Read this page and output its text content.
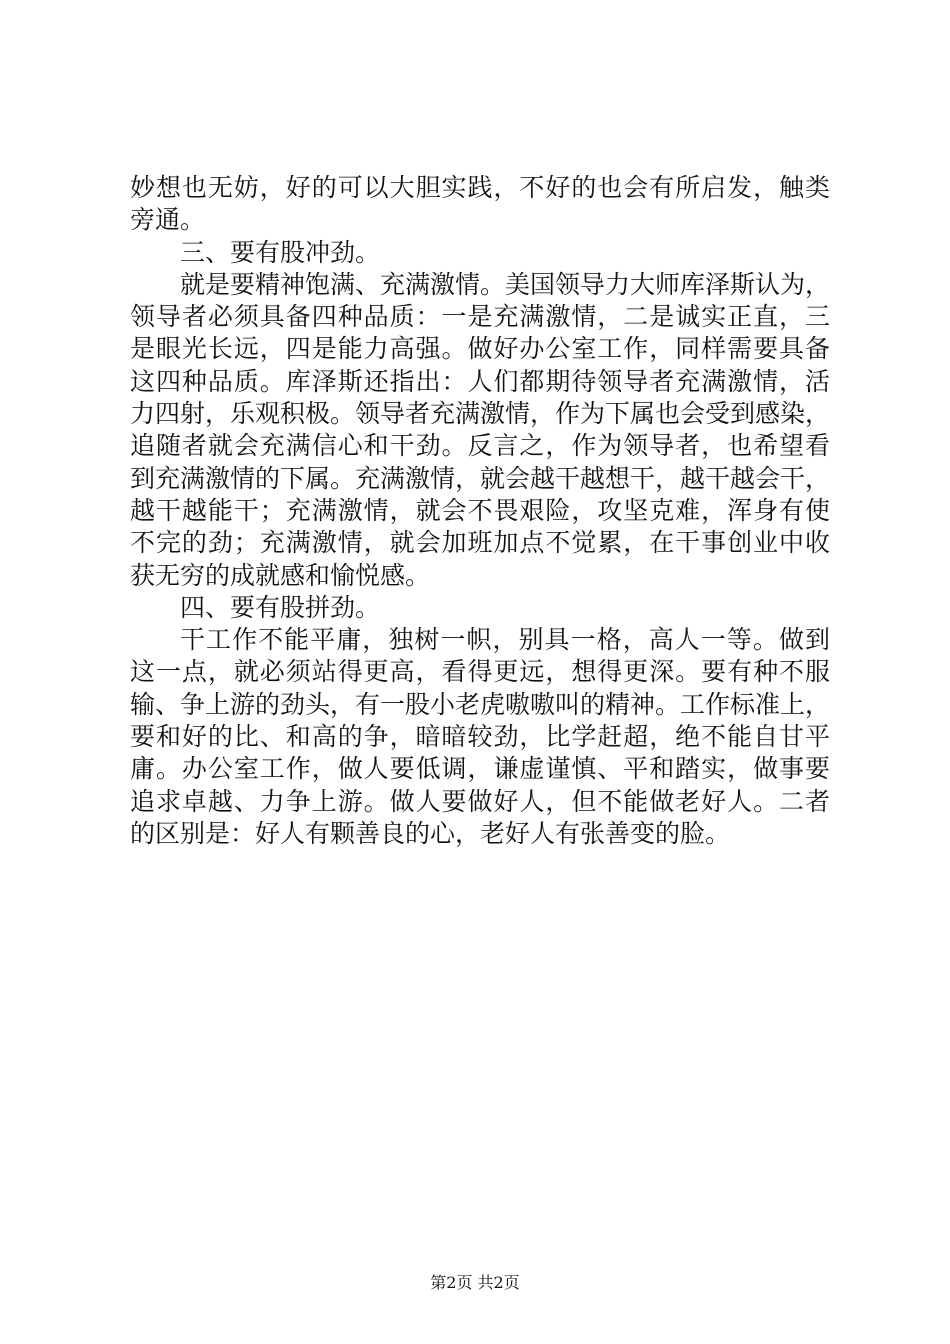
妙想也无妨，好的可以大胆实践，不好的也会有所启发，触类
旁通。
三、要有股冲劲。
就是要精神饱满、充满激情。美国领导力大师库泽斯认为，
领导者必须具备四种品质：一是充满激情，二是诚实正直，三
是眼光长远，四是能力高强。做好办公室工作，同样需要具备
这四种品质。库泽斯还指出：人们都期待领导者充满激情，活
力四射，乐观积极。领导者充满激情，作为下属也会受到感染，
追随者就会充满信心和干劲。反言之，作为领导者，也希望看
到充满激情的下属。充满激情，就会越干越想干，越干越会干，
越干越能干；充满激情，就会不畏艰险，攻坚克难，浑身有使
不完的劲；充满激情，就会加班加点不觉累，在干事创业中收
获无穷的成就感和愉悦感。
四、要有股拼劲。
干工作不能平庸，独树一帜，别具一格，高人一等。做到
这一点，就必须站得更高，看得更远，想得更深。要有种不服
输、争上游的劲头，有一股小老虎嗷嗷叫的精神。工作标准上，
要和好的比、和高的争，暗暗较劲，比学赶超，绝不能自甘平
庸。办公室工作，做人要低调，谦虚谨慎、平和踏实，做事要
追求卓越、力争上游。做人要做好人，但不能做老好人。二者
的区别是：好人有颗善良的心，老好人有张善变的脸。
第2页 共2页
